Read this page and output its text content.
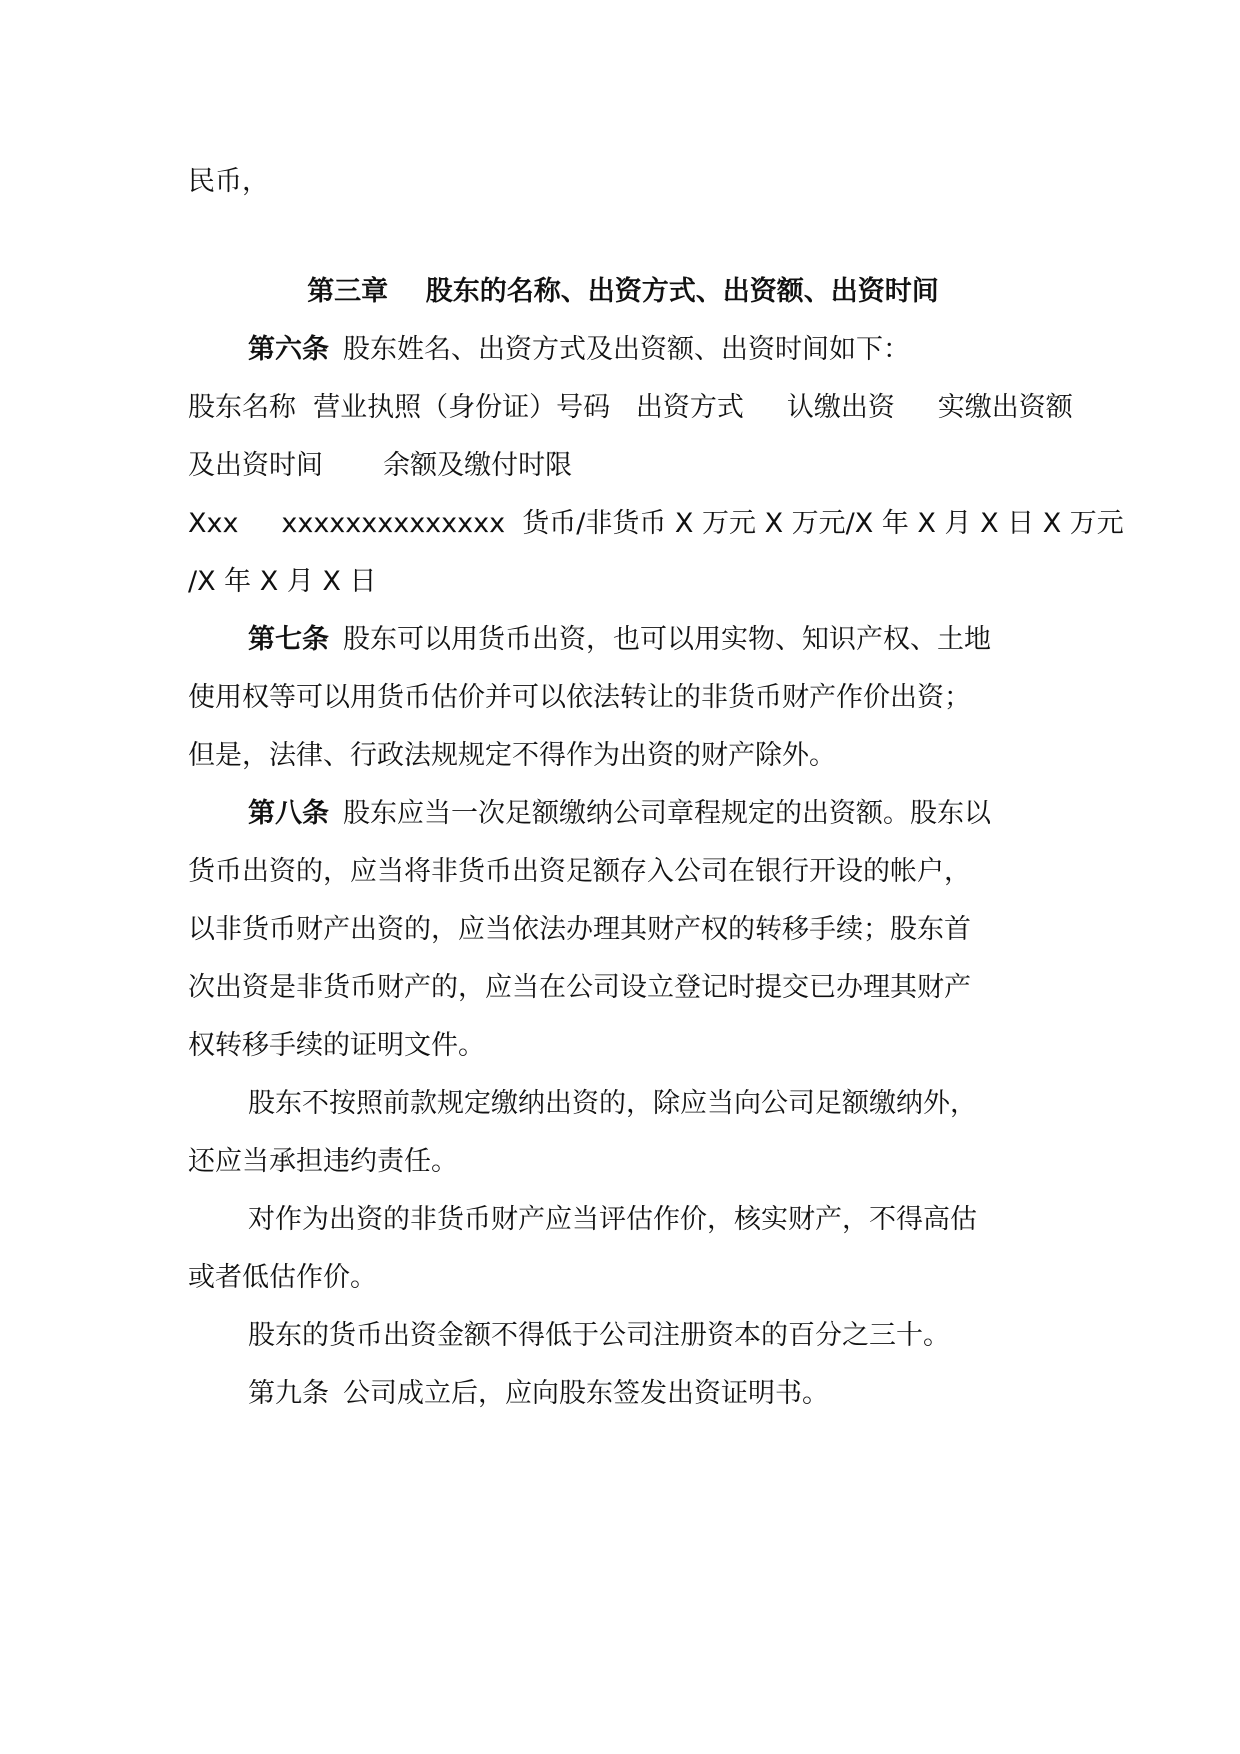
民币，
第三章    股东的名称、出资方式、出资额、出资时间
第六条 股东姓名、出资方式及出资额、出资时间如下：
股东名称  营业执照（身份证）号码   出资方式     认缴出资     实缴出资额
及出资时间       余额及缴付时限
Xxx     xxxxxxxxxxxxxx  货币/非货币 X 万元 X 万元/X 年 X 月 X 日 X 万元
/X 年 X 月 X 日
第七条 股东可以用货币出资，也可以用实物、知识产权、土地
使用权等可以用货币估价并可以依法转让的非货币财产作价出资；
但是，法律、行政法规规定不得作为出资的财产除外。
第八条 股东应当一次足额缴纳公司章程规定的出资额。股东以
货币出资的，应当将非货币出资足额存入公司在银行开设的帐户，
以非货币财产出资的，应当依法办理其财产权的转移手续；股东首
次出资是非货币财产的，应当在公司设立登记时提交已办理其财产
权转移手续的证明文件。
股东不按照前款规定缴纳出资的，除应当向公司足额缴纳外，
还应当承担违约责任。
对作为出资的非货币财产应当评估作价，核实财产，不得高估
或者低估作价。
股东的货币出资金额不得低于公司注册资本的百分之三十。
第九条 公司成立后，应向股东签发出资证明书。
